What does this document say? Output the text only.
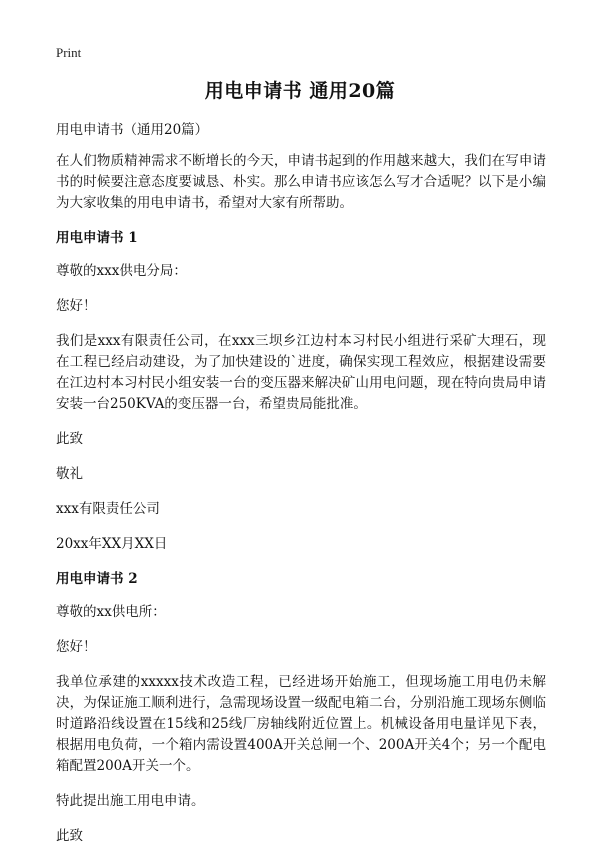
Print
用电申请书 通用20篇

用电申请书（通用20篇）

在人们物质精神需求不断增长的今天，申请书起到的作用越来越大，我们在写申请书的时候要注意态度要诚恳、朴实。那么申请书应该怎么写才合适呢？以下是小编为大家收集的用电申请书，希望对大家有所帮助。

用电申请书 1

尊敬的xxx供电分局：

您好！

我们是xxx有限责任公司，在xxx三坝乡江边村本习村民小组进行采矿大理石，现在工程已经启动建设，为了加快建设的`进度，确保实现工程效应，根据建设需要在江边村本习村民小组安装一台的变压器来解决矿山用电问题，现在特向贵局申请安装一台250KVA的变压器一台，希望贵局能批准。

此致

敬礼

xxx有限责任公司

20xx年XX月XX日

用电申请书 2

尊敬的xx供电所：

您好！

我单位承建的xxxxx技术改造工程，已经进场开始施工，但现场施工用电仍未解决，为保证施工顺利进行，急需现场设置一级配电箱二台，分别沿施工现场东侧临时道路沿线设置在15线和25线厂房轴线附近位置上。机械设备用电量详见下表，根据用电负荷，一个箱内需设置400A开关总闸一个、200A开关4个；另一个配电箱配置200A开关一个。

特此提出施工用电申请。

此致
